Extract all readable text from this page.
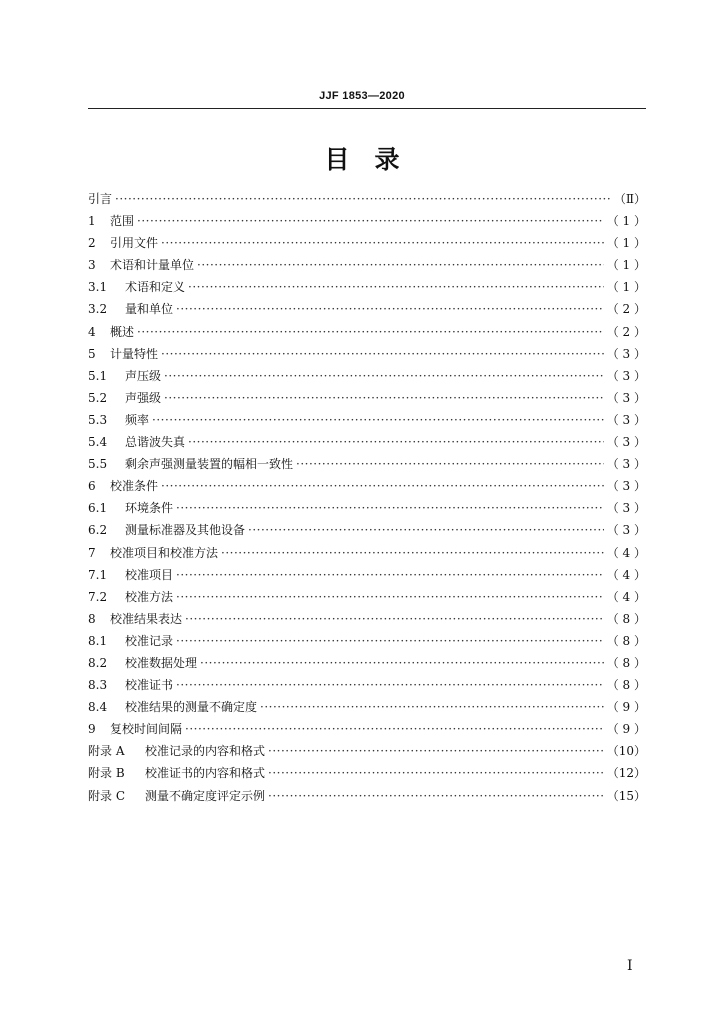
JJF 1853—2020
目　录
引言 ·····	（Ⅱ）
1	范围 ·····	（ 1 ）
2	引用文件 ·····	（ 1 ）
3	术语和计量单位 ·····	（ 1 ）
3.1	术语和定义 ·····	（ 1 ）
3.2	量和单位 ·····	（ 2 ）
4	概述 ·····	（ 2 ）
5	计量特性 ·····	（ 3 ）
5.1	声压级 ·····	（ 3 ）
5.2	声强级 ·····	（ 3 ）
5.3	频率 ·····	（ 3 ）
5.4	总谐波失真 ·····	（ 3 ）
5.5	剩余声强测量装置的幅相一致性 ·····	（ 3 ）
6	校准条件 ·····	（ 3 ）
6.1	环境条件 ·····	（ 3 ）
6.2	测量标准器及其他设备 ·····	（ 3 ）
7	校准项目和校准方法 ·····	（ 4 ）
7.1	校准项目 ·····	（ 4 ）
7.2	校准方法 ·····	（ 4 ）
8	校准结果表达 ·····	（ 8 ）
8.1	校准记录 ·····	（ 8 ）
8.2	校准数据处理 ·····	（ 8 ）
8.3	校准证书 ·····	（ 8 ）
8.4	校准结果的测量不确定度 ·····	（ 9 ）
9	复校时间间隔 ·····	（ 9 ）
附录 A	校准记录的内容和格式 ·····	（10）
附录 B	校准证书的内容和格式 ·····	（12）
附录 C	测量不确定度评定示例 ·····	（15）
I
